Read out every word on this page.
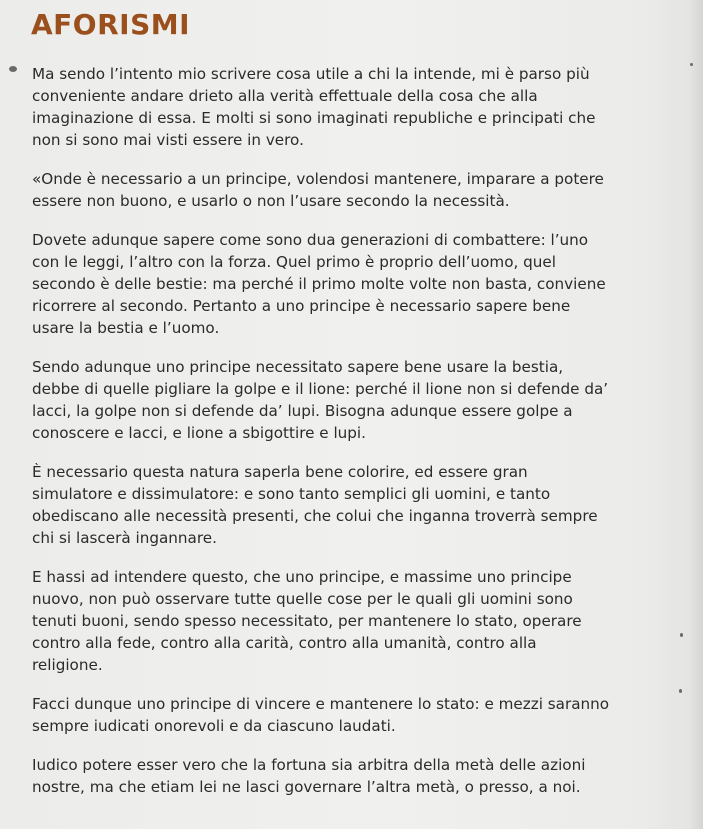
AFORISMI

Ma sendo l’intento mio scrivere cosa utile a chi la intende, mi è parso più conveniente andare drieto alla verità effettuale della cosa che alla imaginazione di essa. E molti si sono imaginati republiche e principati che non si sono mai visti essere in vero.

«Onde è necessario a un principe, volendosi mantenere, imparare a potere essere non buono, e usarlo o non l’usare secondo la necessità.

Dovete adunque sapere come sono dua generazioni di combattere: l’uno con le leggi, l’altro con la forza. Quel primo è proprio dell’uomo, quel secondo è delle bestie: ma perché il primo molte volte non basta, conviene ricorrere al secondo. Pertanto a uno principe è necessario sapere bene usare la bestia e l’uomo.

Sendo adunque uno principe necessitato sapere bene usare la bestia, debbe di quelle pigliare la golpe e il lione: perché il lione non si defende da’ lacci, la golpe non si defende da’ lupi. Bisogna adunque essere golpe a conoscere e lacci, e lione a sbigottire e lupi.

È necessario questa natura saperla bene colorire, ed essere gran simulatore e dissimulatore: e sono tanto semplici gli uomini, e tanto obediscano alle necessità presenti, che colui che inganna troverrà sempre chi si lascerà ingannare.

E hassi ad intendere questo, che uno principe, e massime uno principe nuovo, non può osservare tutte quelle cose per le quali gli uomini sono tenuti buoni, sendo spesso necessitato, per mantenere lo stato, operare contro alla fede, contro alla carità, contro alla umanità, contro alla religione.

Facci dunque uno principe di vincere e mantenere lo stato: e mezzi saranno sempre iudicati onorevoli e da ciascuno laudati.

Iudico potere esser vero che la fortuna sia arbitra della metà delle azioni nostre, ma che etiam lei ne lasci governare l’altra metà, o presso, a noi.
